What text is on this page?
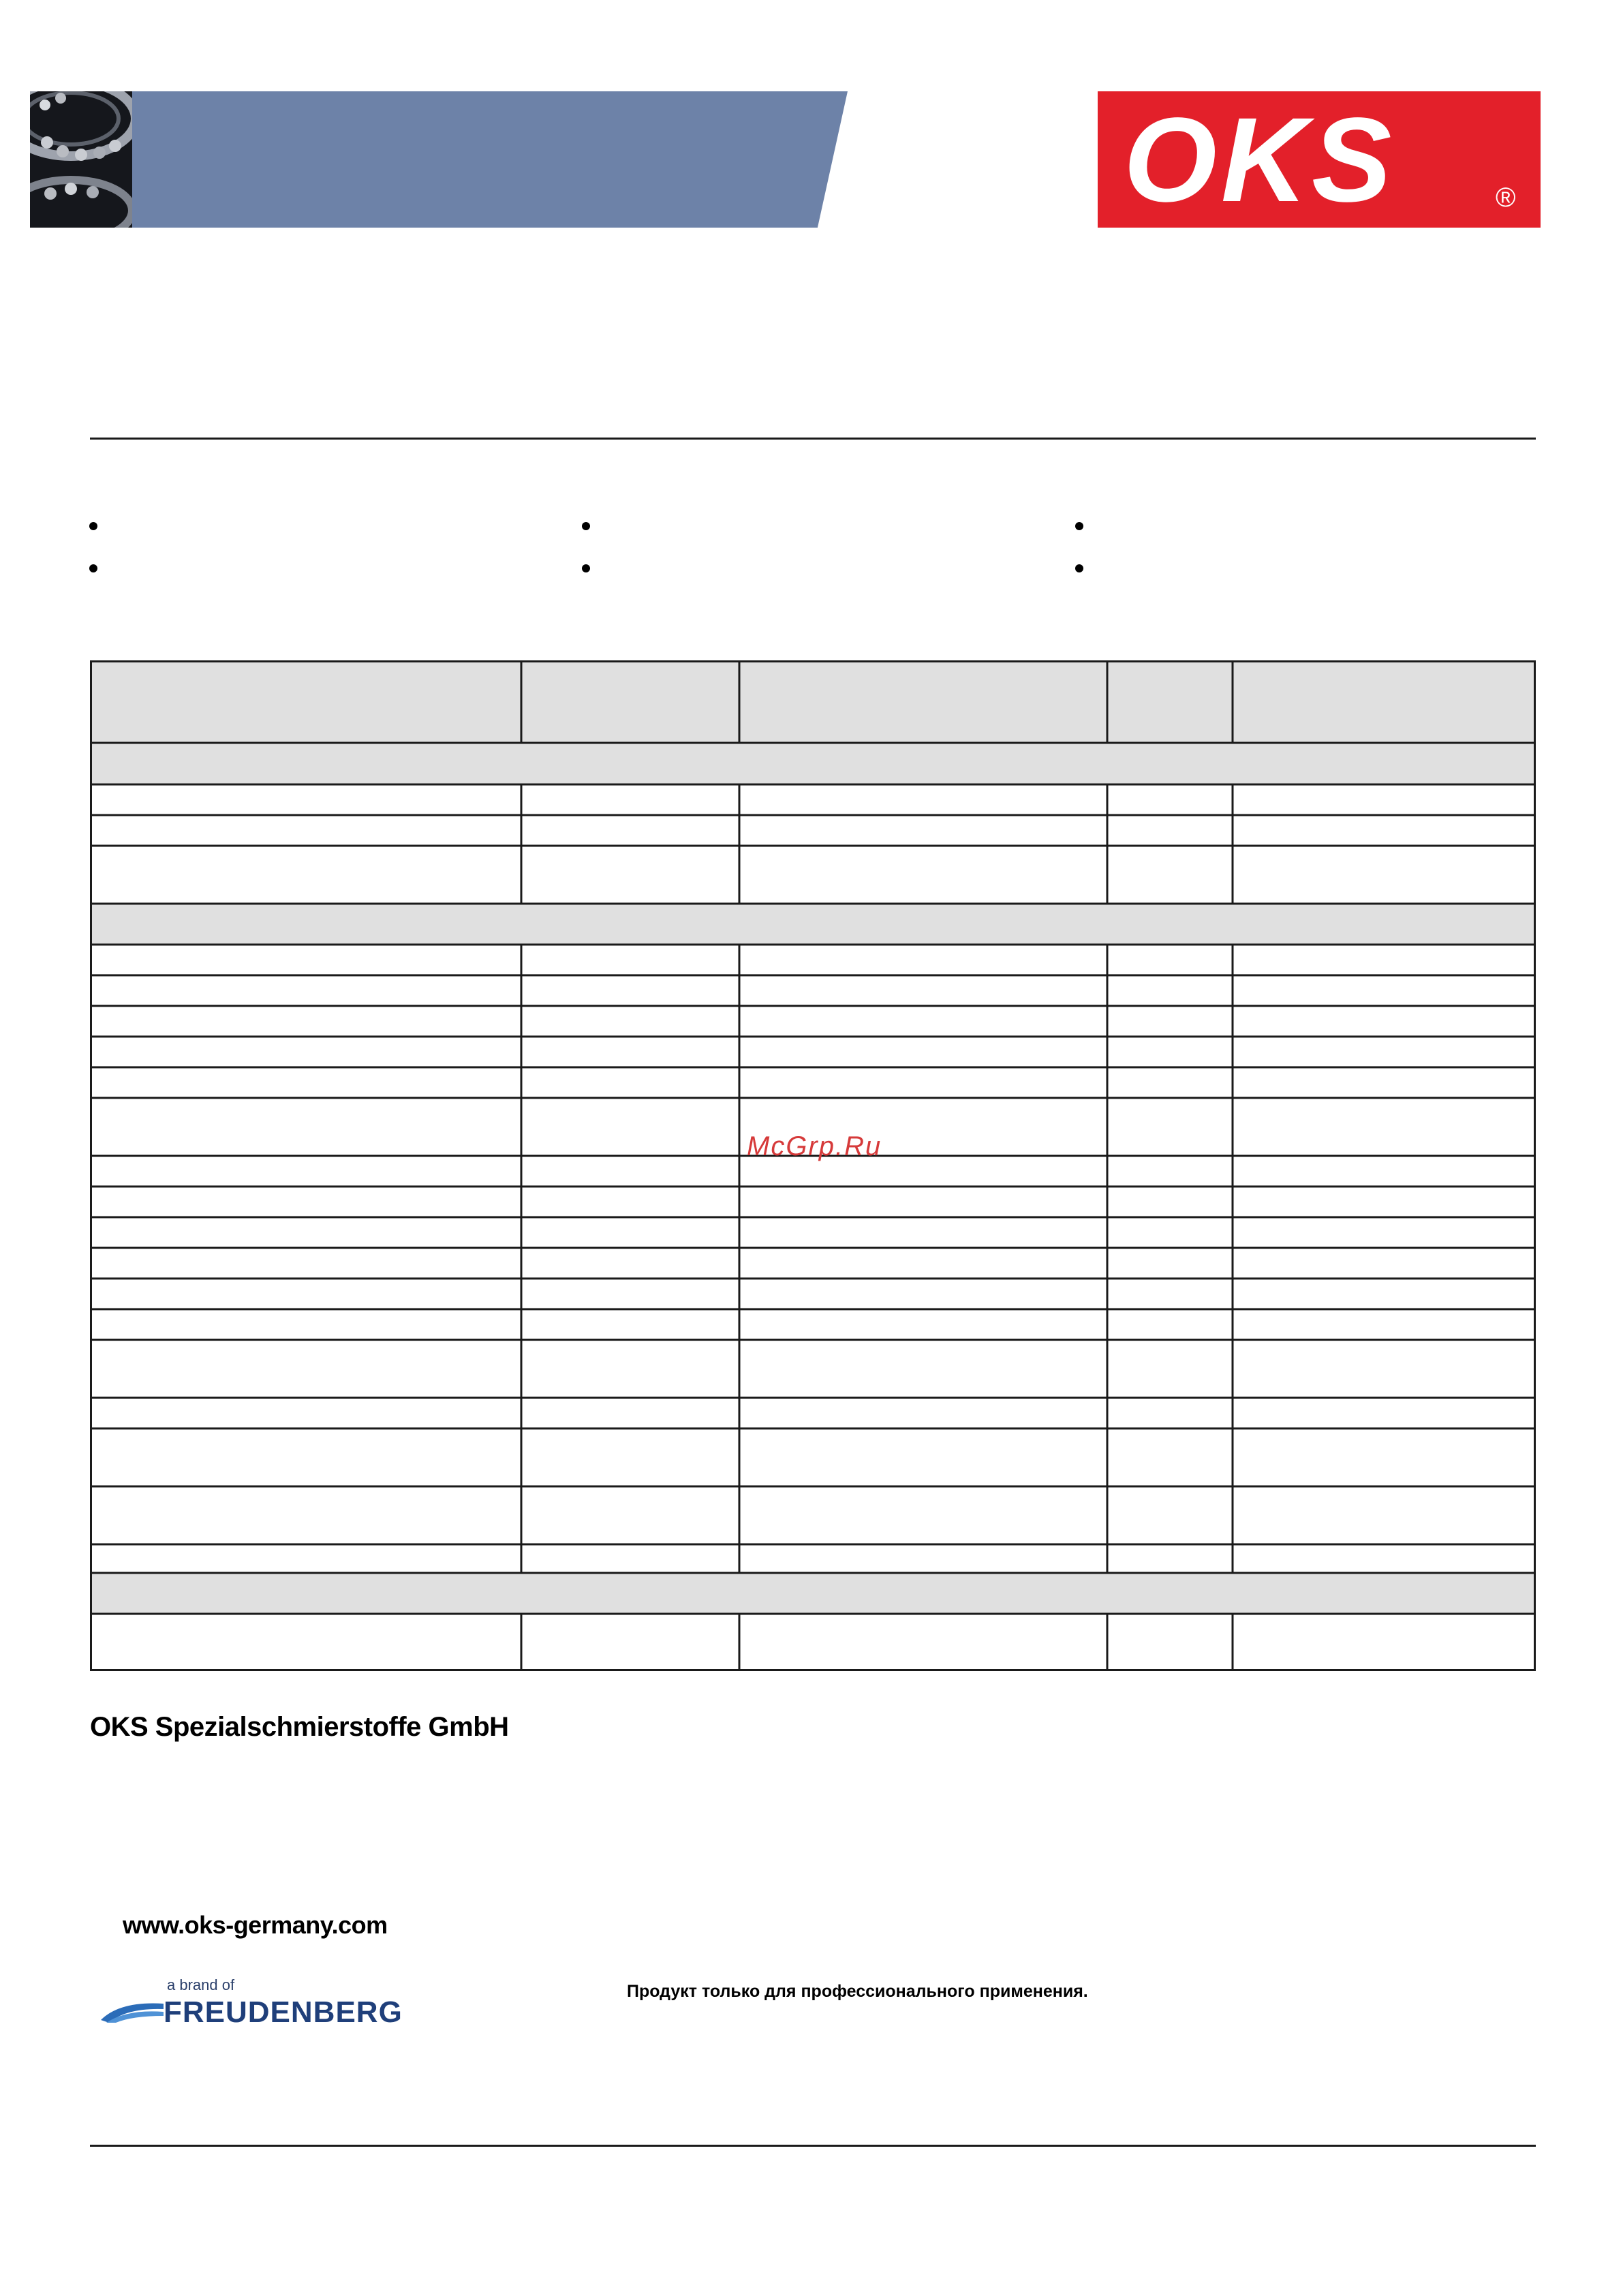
OKS	®
McGrp.Ru
OKS Spezialschmierstoffe GmbH
www.oks-germany.com
a brand of
FREUDENBERG
Продукт только для профессионального применения.
